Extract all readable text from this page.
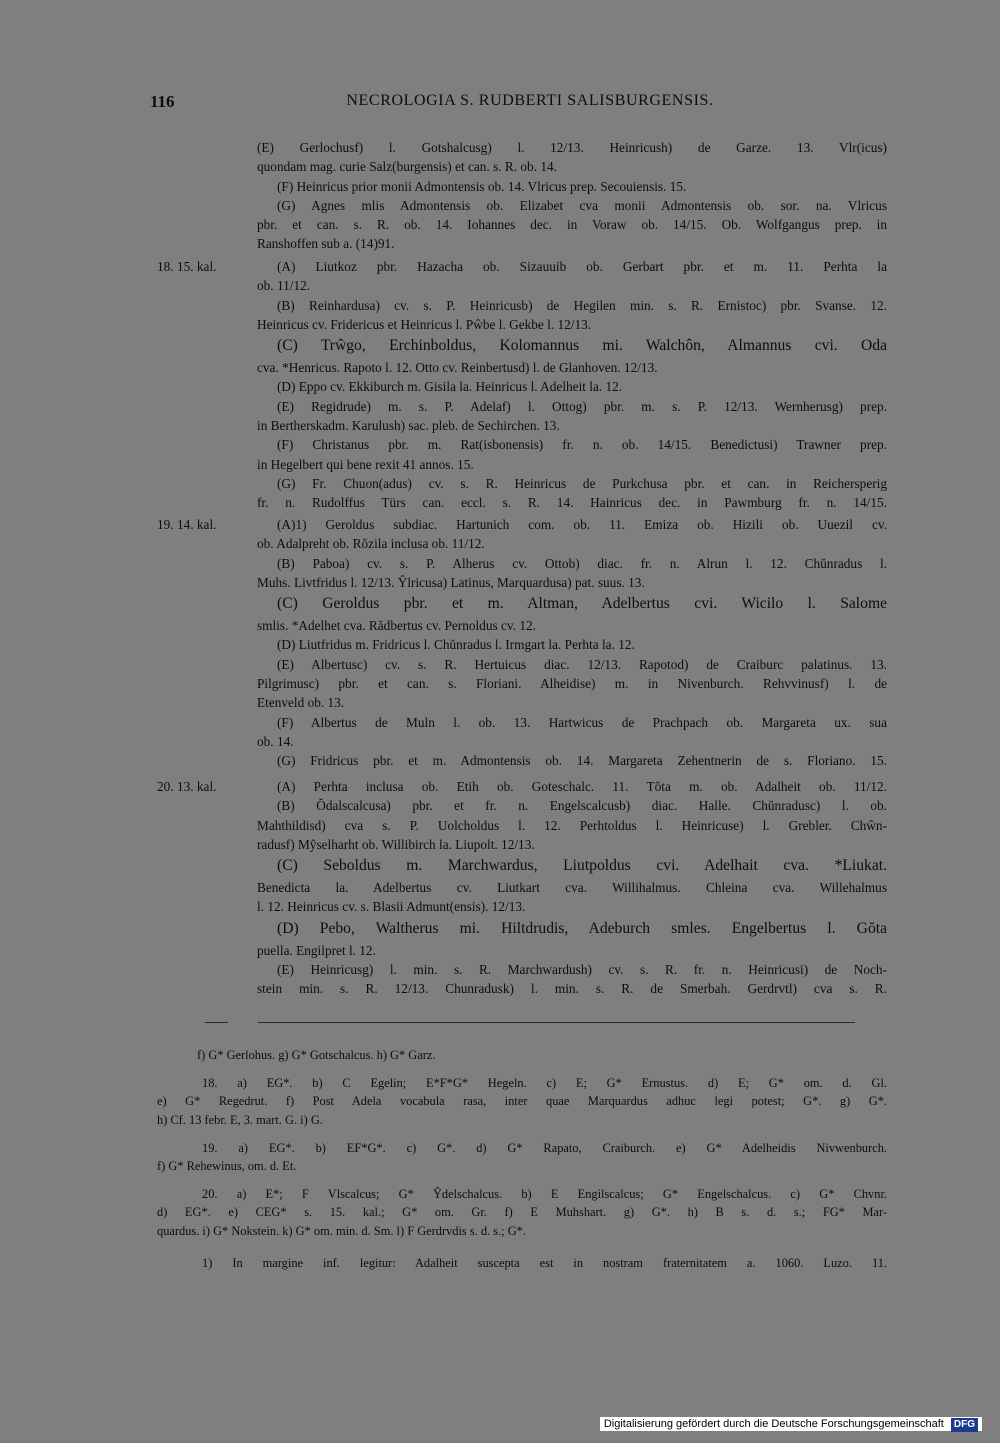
116	NECROLOGIA S. RUDBERTI SALISBURGENSIS.
(E) Gerlochusf) l. Gotshalcusg) l. 12/13. Heinricush) de Garze. 13. Vlr(icus)
quondam mag. curie Salz(burgensis) et can. s. R. ob. 14.
(F) Heinricus prior monii Admontensis ob. 14. Vlricus prep. Secouiensis. 15.
(G) Agnes mlis Admontensis ob. Elizabet cva monii Admontensis ob. sor. na. Vlricus
pbr. et can. s. R. ob. 14. Iohannes dec. in Voraw ob. 14/15. Ob. Wolfgangus prep. in
Ranshoffen sub a. (14)91.
18. 15. kal.	(A) Liutkoz pbr. Hazacha ob. Sizauuib ob. Gerbart pbr. et m. 11. Perhta la
ob. 11/12.
(B) Reinhardusa) cv. s. P. Heinricusb) de Hegilen min. s. R. Ernistoc) pbr. Svanse. 12.
Heinricus cv. Fridericus et Heinricus l. Pŵbe l. Gekbe l. 12/13.
(C) Trŵgo, Erchinboldus, Kolomannus mi. Walchôn, Almannus cvi. Oda
cva. *Henricus. Rapoto l. 12. Otto cv. Reinbertusd) l. de Glanhoven. 12/13.
(D) Eppo cv. Ekkiburch m. Gisila la. Heinricus l. Adelheit la. 12.
(E) Regidrude) m. s. P. Adelaf) l. Ottog) pbr. m. s. P. 12/13. Wernherusg) prep.
in Bertherskadm. Karulush) sac. pleb. de Sechirchen. 13.
(F) Christanus pbr. m. Rat(isbonensis) fr. n. ob. 14/15. Benedictusi) Trawner prep.
in Hegelbert qui bene rexit 41 annos. 15.
(G) Fr. Chuon(adus) cv. s. R. Heinricus de Purkchusa pbr. et can. in Reichersperig
fr. n. Rudolffus Türs can. eccl. s. R. 14. Hainricus dec. in Pawmburg fr. n. 14/15.
19. 14. kal.	(A)1) Geroldus subdiac. Hartunich com. ob. 11. Emiza ob. Hizili ob. Uuezil cv.
ob. Adalpreht ob. Rŏzila inclusa ob. 11/12.
(B) Paboa) cv. s. P. Alherus cv. Ottob) diac. fr. n. Alrun l. 12. Chŭnradus l.
Muhs. Livtfridus l. 12/13. Ŷlricusa) Latinus, Marquardusa) pat. suus. 13.
(C) Geroldus pbr. et m. Altman, Adelbertus cvi. Wicilo l. Salome
smlis. *Adelhet cva. Rădbertus cv. Pernoldus cv. 12.
(D) Liutfridus m. Fridricus l. Chŭnradus l. Irmgart la. Perhta la. 12.
(E) Albertusc) cv. s. R. Hertuicus diac. 12/13. Rapotod) de Craiburc palatinus. 13.
Pilgrimusc) pbr. et can. s. Floriani. Alheidise) m. in Nivenburch. Rehvvinusf) l. de
Etenveld ob. 13.
(F) Albertus de Muln l. ob. 13. Hartwicus de Prachpach ob. Margareta ux. sua
ob. 14.
(G) Fridricus pbr. et m. Admontensis ob. 14. Margareta Zehentnerin de s. Floriano. 15.
20. 13. kal.	(A) Perhta inclusa ob. Etih ob. Goteschalc. 11. Tŏta m. ob. Adalheit ob. 11/12.
(B) Ŏdalscalcusa) pbr. et fr. n. Engelscalcusb) diac. Halle. Chŭnradusc) l. ob.
Mahthildisd) cva s. P. Uolcholdus l. 12. Perhtoldus l. Heinricuse) l. Grebler. Chŵn-
radusf) Mŷselharht ob. Willibirch la. Liupolt. 12/13.
(C) Seboldus m. Marchwardus, Liutpoldus cvi. Adelhait cva. *Liukat.
Benedicta la. Adelbertus cv. Liutkart cva. Willihalmus. Chleina cva. Willehalmus
l. 12. Heinricus cv. s. Blasii Admunt(ensis). 12/13.
(D) Pebo, Waltherus mi. Hiltdrudis, Adeburch smles. Engelbertus l. Gŏta
puella. Engilpret l. 12.
(E) Heinricusg) l. min. s. R. Marchwardush) cv. s. R. fr. n. Heinricusi) de Noch-
stein min. s. R. 12/13. Chunradusk) l. min. s. R. de Smerbah. Gerdrvtl) cva s. R.
f) G* Gerlohus. g) G* Gotschalcus. h) G* Garz.
18. a) EG*. b) C Egelin; E*F*G* Hegeln. c) E; G* Ernustus. d) E; G* om. d. Gl.
e) G* Regedrut. f) Post Adela vocabula rasa, inter quae Marquardus adhuc legi potest; G*. g) G*.
h) Cf. 13 febr. E, 3. mart. G. i) G.
19. a) EG*. b) EF*G*. c) G*. d) G* Rapato, Craiburch. e) G* Adelheidis Nivwenburch.
f) G* Rehewinus, om. d. Et.
20. a) E*; F Vlscalcus; G* Ŷdelschalcus. b) E Engilscalcus; G* Engelschalcus. c) G* Chvnr.
d) EG*. e) CEG* s. 15. kal.; G* om. Gr. f) E Muhshart. g) G*. h) B s. d. s.; FG* Mar-
quardus. i) G* Nokstein. k) G* om. min. d. Sm. l) F Gerdrvdis s. d. s.; G*.
1) In margine inf. legitur: Adalheit suscepta est in nostram fraternitatem a. 1060. Luzo. 11.
Digitalisierung gefördert durch die Deutsche Forschungsgemeinschaft DFG
